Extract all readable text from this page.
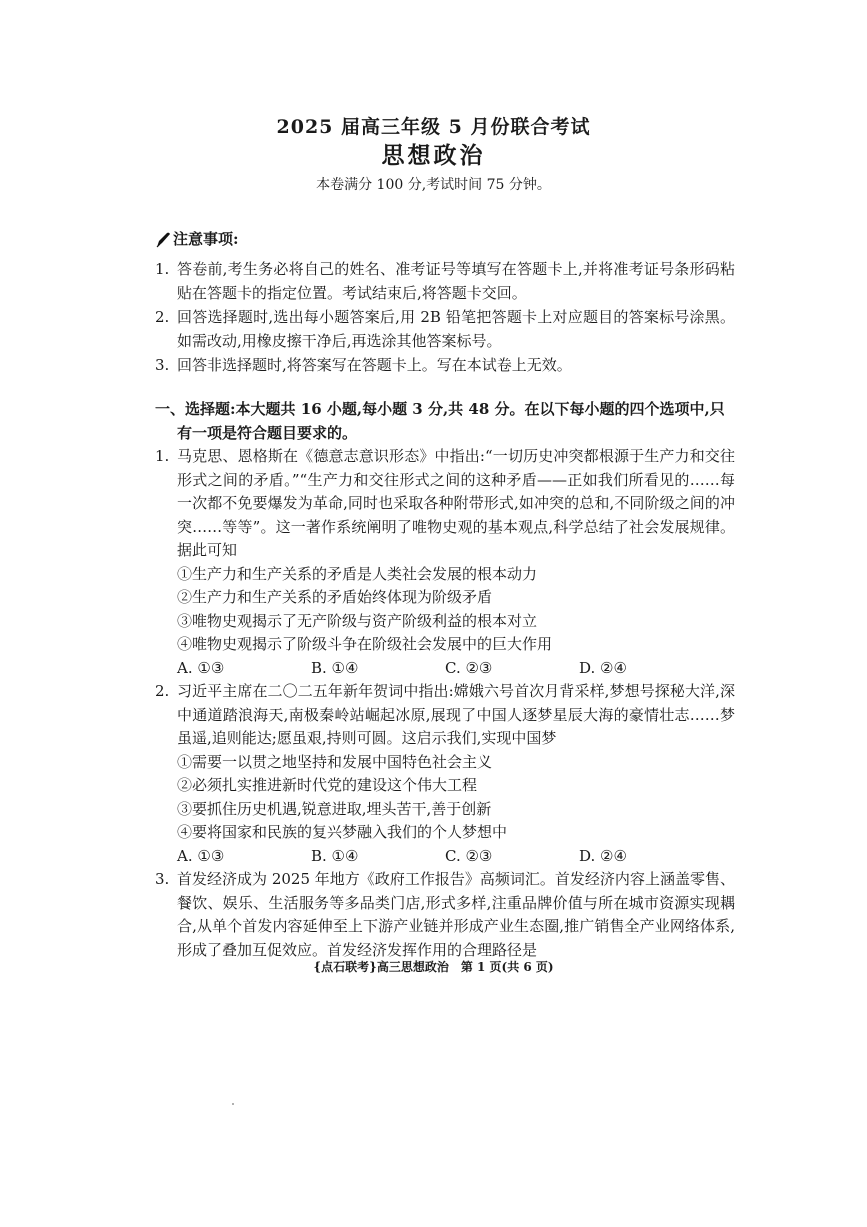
2025 届高三年级 5 月份联合考试
思想政治
本卷满分 100 分,考试时间 75 分钟。
注意事项:
1. 答卷前,考生务必将自己的姓名、准考证号等填写在答题卡上,并将准考证号条形码粘贴在答题卡的指定位置。考试结束后,将答题卡交回。
2. 回答选择题时,选出每小题答案后,用 2B 铅笔把答题卡上对应题目的答案标号涂黑。如需改动,用橡皮擦干净后,再选涂其他答案标号。
3. 回答非选择题时,将答案写在答题卡上。写在本试卷上无效。
一、选择题:本大题共 16 小题,每小题 3 分,共 48 分。在以下每小题的四个选项中,只有一项是符合题目要求的。
1. 马克思、恩格斯在《德意志意识形态》中指出:“一切历史冲突都根源于生产力和交往形式之间的矛盾。”“生产力和交往形式之间的这种矛盾——正如我们所看见的……每一次都不免要爆发为革命,同时也采取各种附带形式,如冲突的总和,不同阶级之间的冲突……等等”。这一著作系统阐明了唯物史观的基本观点,科学总结了社会发展规律。据此可知

①生产力和生产关系的矛盾是人类社会发展的根本动力

②生产力和生产关系的矛盾始终体现为阶级矛盾

③唯物史观揭示了无产阶级与资产阶级利益的根本对立

④唯物史观揭示了阶级斗争在阶级社会发展中的巨大作用

A. ①③	B. ①④	C. ②③	D. ②④
2. 习近平主席在二〇二五年新年贺词中指出:嫦娥六号首次月背采样,梦想号探秘大洋,深中通道踏浪海天,南极秦岭站崛起冰原,展现了中国人逐梦星辰大海的豪情壮志……梦虽遥,追则能达;愿虽艰,持则可圆。这启示我们,实现中国梦

①需要一以贯之地坚持和发展中国特色社会主义

②必须扎实推进新时代党的建设这个伟大工程

③要抓住历史机遇,锐意进取,埋头苦干,善于创新

④要将国家和民族的复兴梦融入我们的个人梦想中

A. ①③	B. ①④	C. ②③	D. ②④
3. 首发经济成为 2025 年地方《政府工作报告》高频词汇。首发经济内容上涵盖零售、餐饮、娱乐、生活服务等多品类门店,形式多样,注重品牌价值与所在城市资源实现耦合,从单个首发内容延伸至上下游产业链并形成产业生态圈,推广销售全产业网络体系,形成了叠加互促效应。首发经济发挥作用的合理路径是

{点石联考}高三思想政治　第 1 页(共 6 页)
